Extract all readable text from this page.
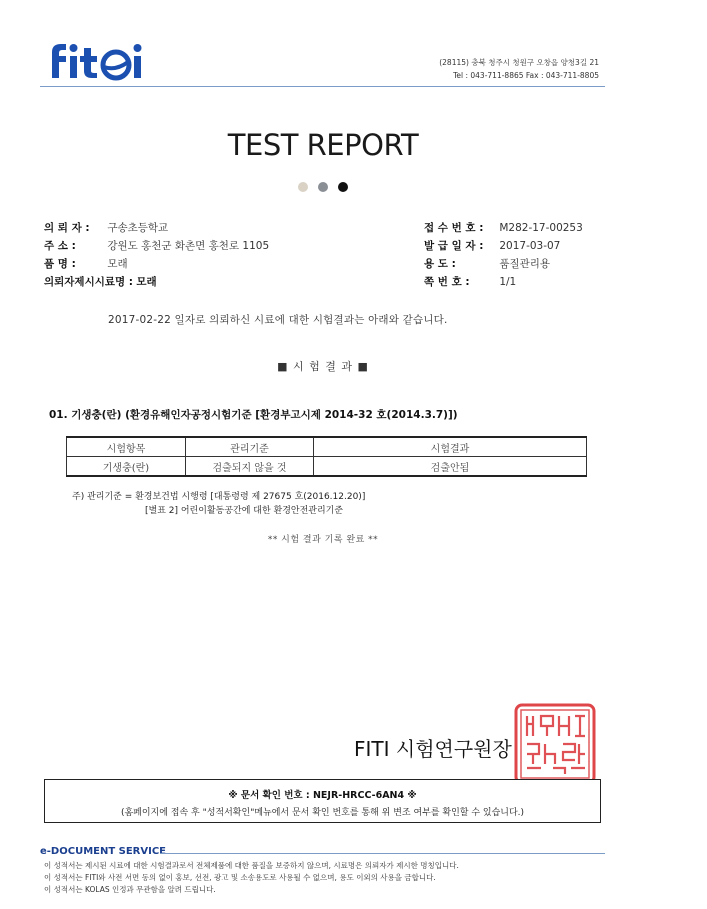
fiti
(28115) 충북 청주시 청원구 오창읍 양청3길 21
Tel : 043-711-8865 Fax : 043-711-8805
TEST REPORT
의 뢰 자 : 구송초등학교
주 소 :	강원도 홍천군 화촌면 홍천로 1105
품 명 :	모래
의뢰자제시시료명 : 모래
접 수 번 호 : M282-17-00253
발 급 일 자 : 2017-03-07
용 도 :	품질관리용
쪽 번 호 :	1/1
2017-02-22 일자로 의뢰하신 시료에 대한 시험결과는 아래와 같습니다.
■ 시 험 결 과 ■
01. 기생충(란) (환경유해인자공정시험기준 [환경부고시제 2014-32 호(2014.3.7)])
시험항목	관리기준	시험결과
기생충(란)	검출되지 않을 것	검출안됨
주) 관리기준 = 환경보건법 시행령 [대통령령 제 27675 호(2016.12.20)]
[별표 2] 어린이활동공간에 대한 환경안전관리기준
** 시험 결과 기록 완료 **
FITI 시험연구원장
※ 문서 확인 번호 : NEJR-HRCC-6AN4 ※
(홈페이지에 접속 후 "성적서확인"메뉴에서 문서 확인 번호를 통해 위 변조 여부를 확인할 수 있습니다.)
e-DOCUMENT SERVICE
이 성적서는 제시된 시료에 대한 시험결과로서 전체제품에 대한 품질을 보증하지 않으며, 시료명은 의뢰자가 제시한 명칭입니다.
이 성적서는 FITI와 사전 서면 동의 없이 홍보, 선전, 광고 및 소송용도로 사용될 수 없으며, 용도 이외의 사용을 금합니다.
이 성적서는 KOLAS 인정과 무관함을 알려 드립니다.
